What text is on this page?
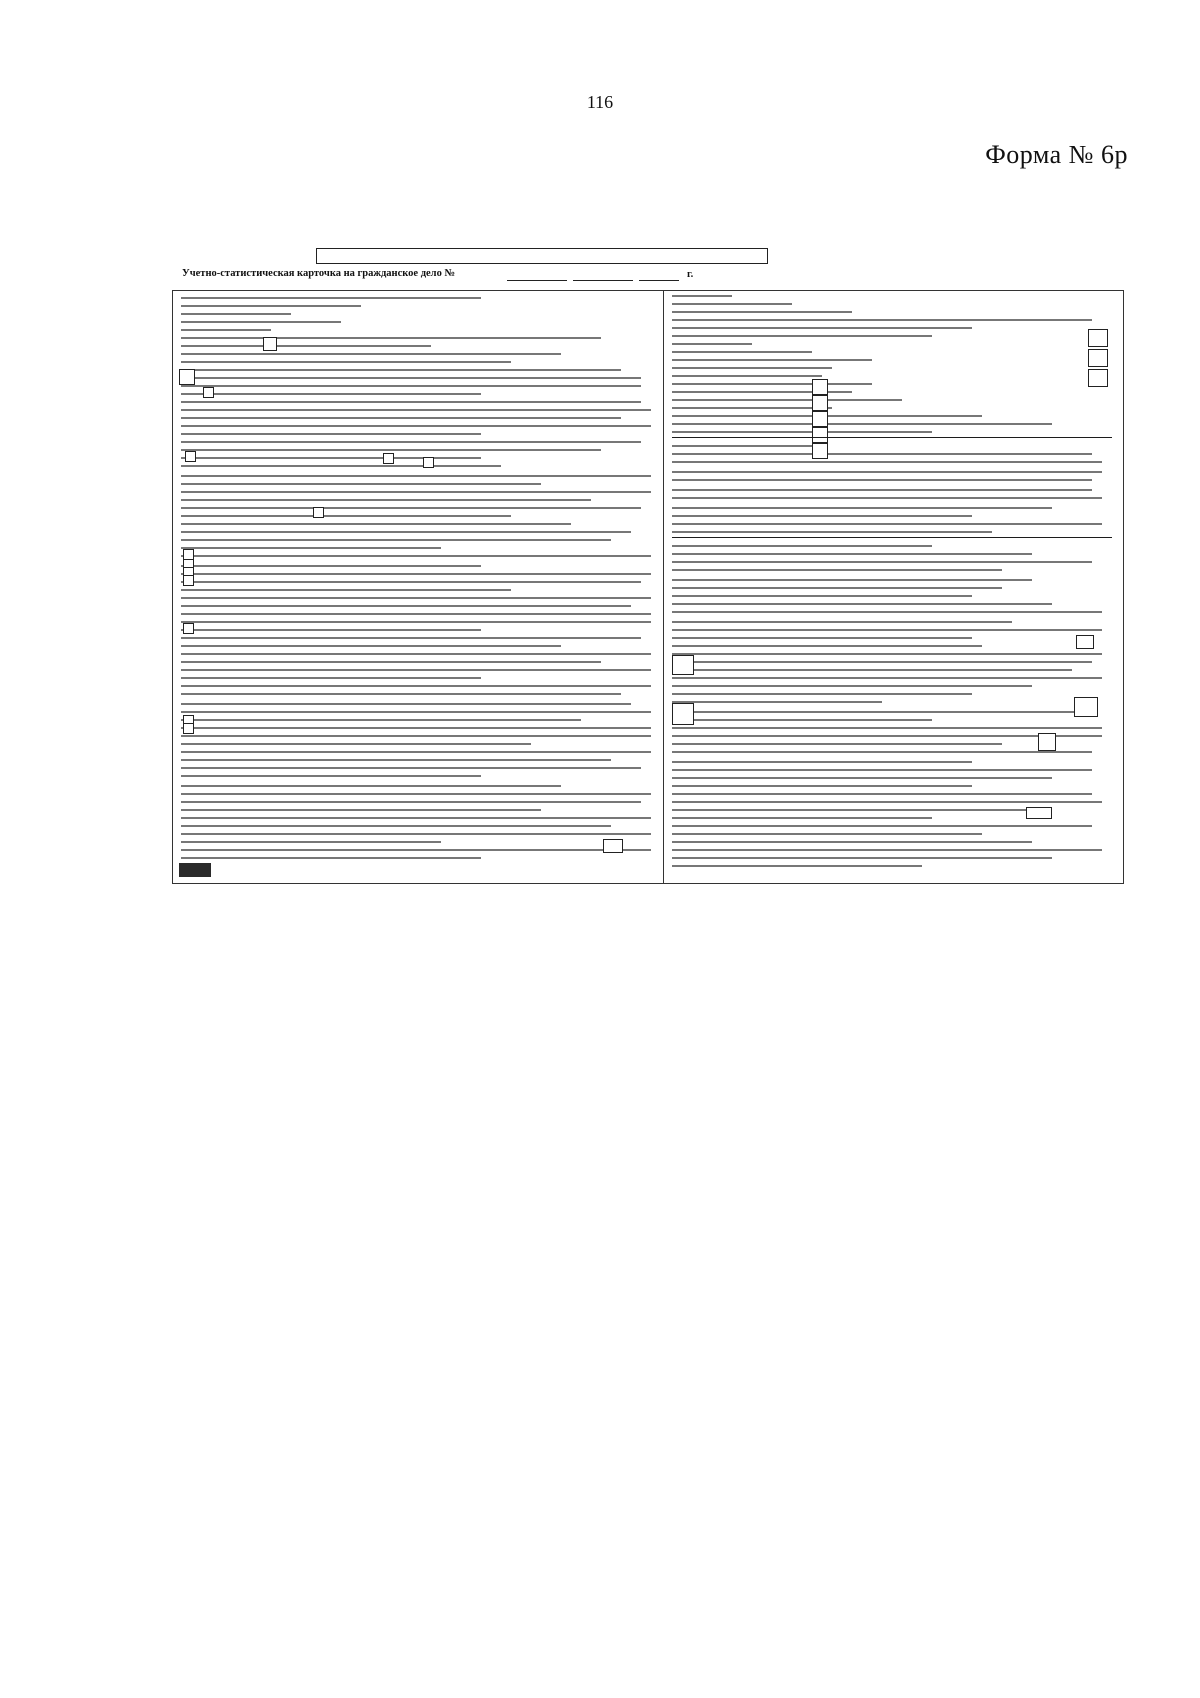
116
Форма № 6р
Учетно-статистическая карточка на гражданское дело №	г.
